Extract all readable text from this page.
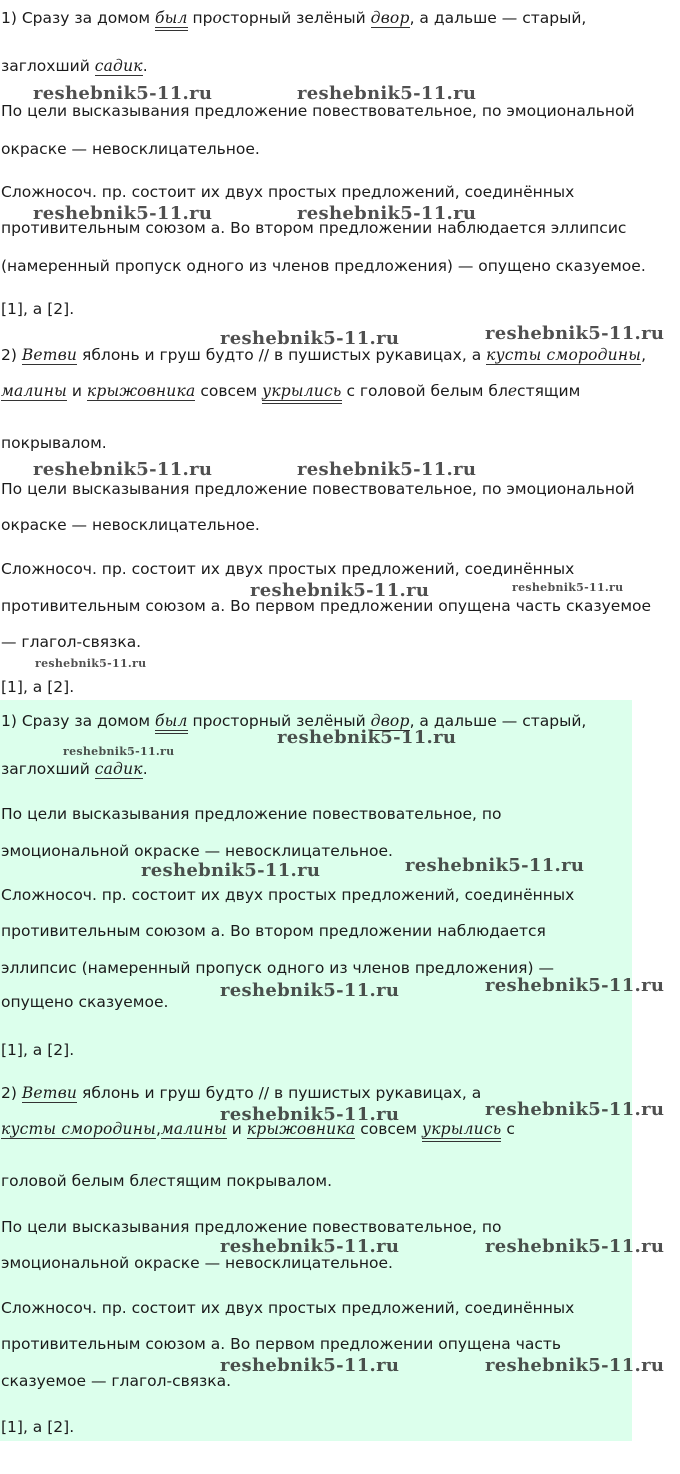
1) Сразу за домом был просторный зелёный двор, а дальше — старый,
заглохший садик.
По цели высказывания предложение повествовательное, по эмоциональной
окраске — невосклицательное.
Сложносоч. пр. состоит их двух простых предложений, соединённых
противительным союзом а. Во втором предложении наблюдается эллипсис
(намеренный пропуск одного из членов предложения) — опущено сказуемое.
[1], а [2].
2) Ветви яблонь и груш будто // в пушистых рукавицах, а кусты смородины,
малины и крыжовника совсем укрылись с головой белым блестящим
покрывалом.
По цели высказывания предложение повествовательное, по эмоциональной
окраске — невосклицательное.
Сложносоч. пр. состоит их двух простых предложений, соединённых
противительным союзом а. Во первом предложении опущена часть сказуемое
— глагол-связка.
[1], а [2].
1) Сразу за домом был просторный зелёный двор, а дальше — старый,
заглохший садик.
По цели высказывания предложение повествовательное, по
эмоциональной окраске — невосклицательное.
Сложносоч. пр. состоит их двух простых предложений, соединённых
противительным союзом а. Во втором предложении наблюдается
эллипсис (намеренный пропуск одного из членов предложения) —
опущено сказуемое.
[1], а [2].
2) Ветви яблонь и груш будто // в пушистых рукавицах, а
кусты смородины,малины и крыжовника совсем укрылись с
головой белым блестящим покрывалом.
По цели высказывания предложение повествовательное, по
эмоциональной окраске — невосклицательное.
Сложносоч. пр. состоит их двух простых предложений, соединённых
противительным союзом а. Во первом предложении опущена часть
сказуемое — глагол-связка.
[1], а [2].
reshebnik5-11.ru	reshebnik5-11.ru
reshebnik5-11.ru	reshebnik5-11.ru
reshebnik5-11.ru	reshebnik5-11.ru
reshebnik5-11.ru	reshebnik5-11.ru
reshebnik5-11.ru	reshebnik5-11.ru
reshebnik5-11.ru
reshebnik5-11.ru
reshebnik5-11.ru
reshebnik5-11.ru	reshebnik5-11.ru
reshebnik5-11.ru	reshebnik5-11.ru
reshebnik5-11.ru	reshebnik5-11.ru
reshebnik5-11.ru	reshebnik5-11.ru
reshebnik5-11.ru	reshebnik5-11.ru
